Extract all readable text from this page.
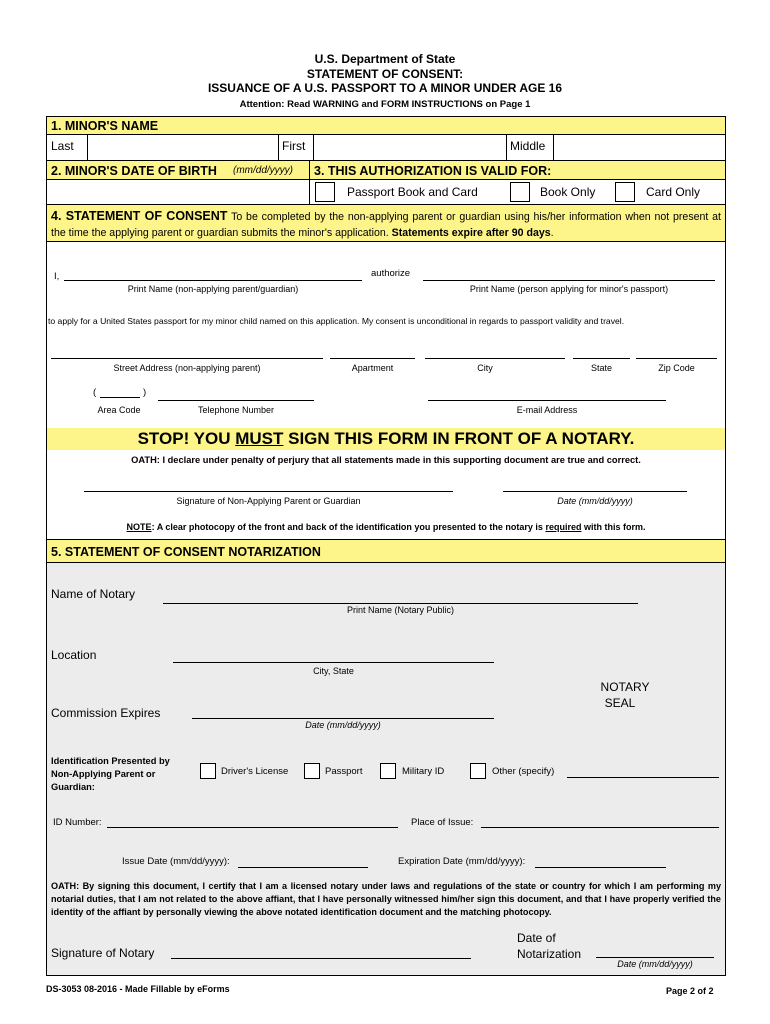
U.S. Department of State
STATEMENT OF CONSENT:
ISSUANCE OF A U.S. PASSPORT TO A MINOR UNDER AGE 16
Attention: Read WARNING and FORM INSTRUCTIONS on Page 1
1. MINOR'S NAME
Last	First	Middle
2. MINOR'S DATE OF BIRTH (mm/dd/yyyy) 3. THIS AUTHORIZATION IS VALID FOR:
Passport Book and Card	Book Only	Card Only
4. STATEMENT OF CONSENT To be completed by the non-applying parent or guardian using his/her information when not present at the time the applying parent or guardian submits the minor's application. Statements expire after 90 days.
I,	authorize
Print Name (non-applying parent/guardian)	Print Name (person applying for minor's passport)
to apply for a United States passport for my minor child named on this application. My consent is unconditional in regards to passport validity and travel.
Street Address (non-applying parent)	Apartment	City	State	Zip Code
(	)
Area Code	Telephone Number	E-mail Address
STOP! YOU MUST SIGN THIS FORM IN FRONT OF A NOTARY.
OATH: I declare under penalty of perjury that all statements made in this supporting document are true and correct.
Signature of Non-Applying Parent or Guardian	Date (mm/dd/yyyy)
NOTE: A clear photocopy of the front and back of the identification you presented to the notary is required with this form.
5. STATEMENT OF CONSENT NOTARIZATION
Name of Notary
Print Name (Notary Public)
Location
City, State
Commission Expires
Date (mm/dd/yyyy)
NOTARY
SEAL
Identification Presented by Non-Applying Parent or Guardian:
Driver's License	Passport	Military ID	Other (specify)
ID Number:	Place of Issue:
Issue Date (mm/dd/yyyy):	Expiration Date (mm/dd/yyyy):
OATH: By signing this document, I certify that I am a licensed notary under laws and regulations of the state or country for which I am performing my notarial duties, that I am not related to the above affiant, that I have personally witnessed him/her sign this document, and that I have properly verified the identity of the affiant by personally viewing the above notated identification document and the matching photocopy.
Signature of Notary
Date of
Notarization
Date (mm/dd/yyyy)
DS-3053 08-2016 - Made Fillable by eForms	Page 2 of 2
